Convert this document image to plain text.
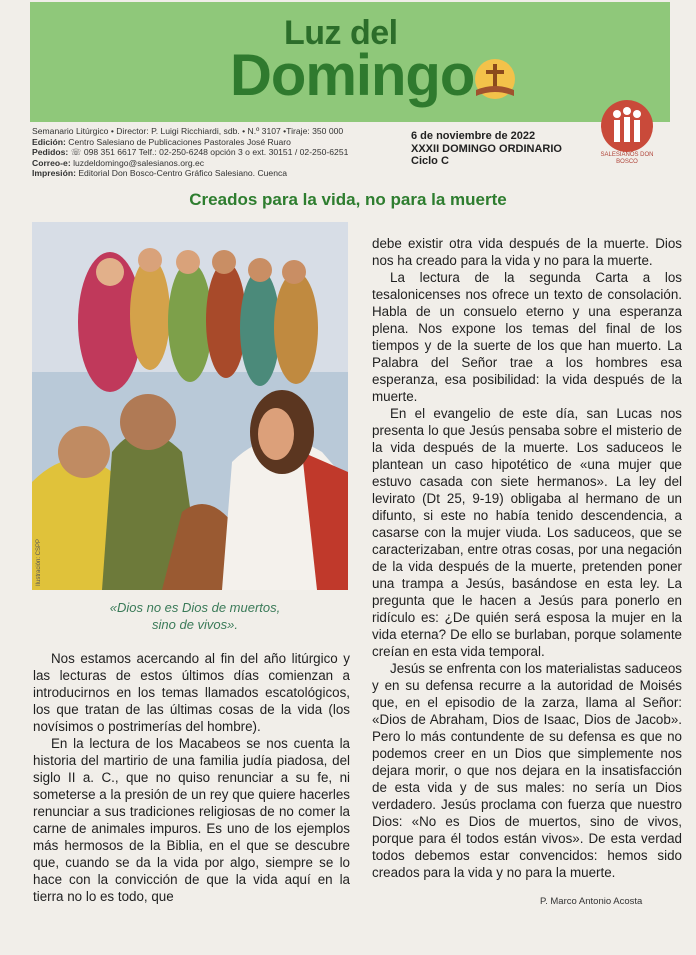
Luz del
Domingo
Semanario Litúrgico • Director: P. Luigi Ricchiardi, sdb. • N.º 3107 •Tiraje: 350 000
Edición: Centro Salesiano de Publicaciones Pastorales José Ruaro
Pedidos: ☏ 098 351 6617 Telf.: 02-250-6248 opción 3 o ext. 30151 / 02-250-6251
Correo-e: luzdeldomingo@salesianos.org.ec
Impresión: Editorial Don Bosco-Centro Gráfico Salesiano. Cuenca
6 de noviembre de 2022
XXXII DOMINGO ORDINARIO
Ciclo C	SALESIANOS DON BOSCO
Creados para la vida, no para la muerte
Ilustración: CSPP
«Dios no es Dios de muertos,
sino de vivos».

Nos estamos acercando al fin del año litúrgico y las lecturas de estos últimos días comienzan a introducirnos en los temas llamados escatológicos, los que tratan de las últimas cosas de la vida (los novísimos o postrimerías del hombre).

En la lectura de los Macabeos se nos cuenta la historia del martirio de una familia judía piadosa, del siglo II a. C., que no quiso renunciar a su fe, ni someterse a la presión de un rey que quiere hacerles renunciar a sus tradiciones religiosas de no comer la carne de animales impuros. Es uno de los ejemplos más hermosos de la Biblia, en el que se descubre que, cuando se da la vida por algo, siempre se lo hace con la convicción de que la vida aquí en la tierra no lo es todo, que

debe existir otra vida después de la muerte. Dios nos ha creado para la vida y no para la muerte.

La lectura de la segunda Carta a los tesalonicenses nos ofrece un texto de consolación. Habla de un consuelo eterno y una esperanza plena. Nos expone los temas del final de los tiempos y de la suerte de los que han muerto. La Palabra del Señor trae a los hombres esa esperanza, esa posibilidad: la vida después de la muerte.

En el evangelio de este día, san Lucas nos presenta lo que Jesús pensaba sobre el misterio de la vida después de la muerte. Los saduceos le plantean un caso hipotético de «una mujer que estuvo casada con siete hermanos». La ley del levirato (Dt 25, 9-19) obligaba al hermano de un difunto, si este no había tenido descendencia, a casarse con la mujer viuda. Los saduceos, que se caracterizaban, entre otras cosas, por una negación de la vida después de la muerte, pretenden poner una trampa a Jesús, basándose en esta ley. La pregunta que le hacen a Jesús para ponerlo en ridículo es: ¿De quién será esposa la mujer en la vida eterna? De ello se burlaban, porque solamente creían en esta vida temporal.

Jesús se enfrenta con los materialistas saduceos y en su defensa recurre a la autoridad de Moisés que, en el episodio de la zarza, llama al Señor: «Dios de Abraham, Dios de Isaac, Dios de Jacob». Pero lo más contundente de su defensa es que no podemos creer en un Dios que simplemente nos dejara morir, o que nos dejara en la insatisfacción de esta vida y de sus males: no sería un Dios verdadero. Jesús proclama con fuerza que nuestro Dios: «No es Dios de muertos, sino de vivos, porque para él todos están vivos». De esta verdad todos debemos estar convencidos: hemos sido creados para la vida y no para la muerte.

P. Marco Antonio Acosta
